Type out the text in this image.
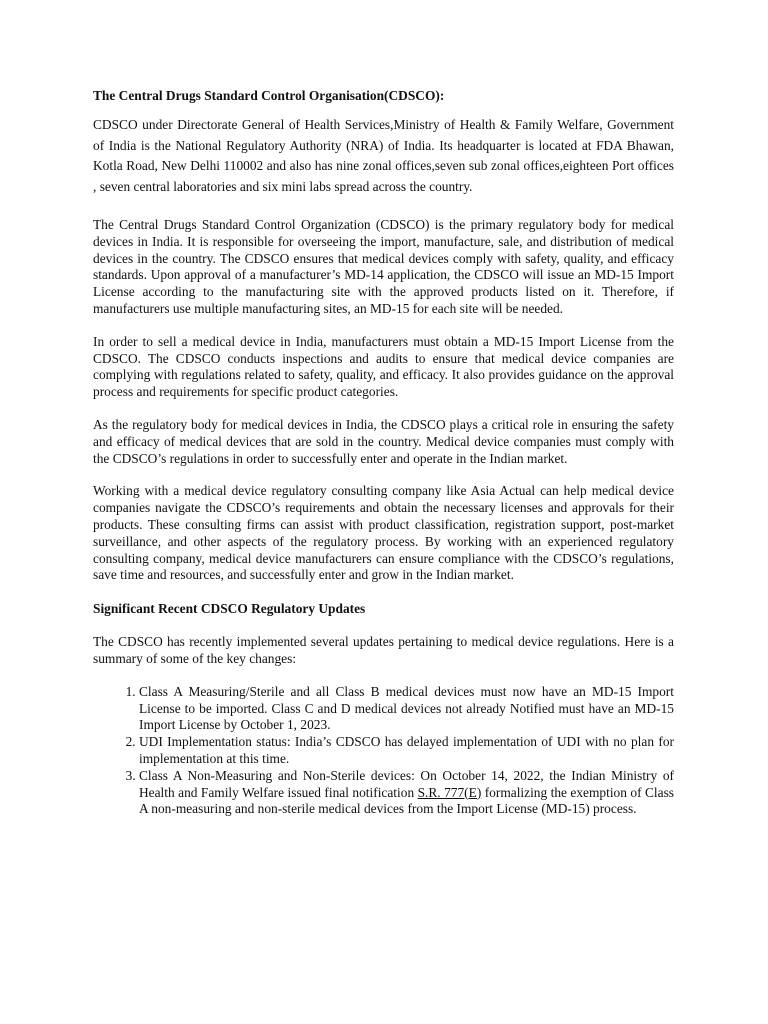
The Central Drugs Standard Control Organisation(CDSCO):

CDSCO under Directorate General of Health Services,Ministry of Health & Family Welfare, Government of India is the National Regulatory Authority (NRA) of India. Its headquarter is located at FDA Bhawan, Kotla Road, New Delhi 110002 and also has nine zonal offices,seven sub zonal offices,eighteen Port offices , seven central laboratories and six mini labs spread across the country.

The Central Drugs Standard Control Organization (CDSCO) is the primary regulatory body for medical devices in India. It is responsible for overseeing the import, manufacture, sale, and distribution of medical devices in the country. The CDSCO ensures that medical devices comply with safety, quality, and efficacy standards. Upon approval of a manufacturer’s MD-14 application, the CDSCO will issue an MD-15 Import License according to the manufacturing site with the approved products listed on it. Therefore, if manufacturers use multiple manufacturing sites, an MD-15 for each site will be needed.

In order to sell a medical device in India, manufacturers must obtain a MD-15 Import License from the CDSCO. The CDSCO conducts inspections and audits to ensure that medical device companies are complying with regulations related to safety, quality, and efficacy. It also provides guidance on the approval process and requirements for specific product categories.

As the regulatory body for medical devices in India, the CDSCO plays a critical role in ensuring the safety and efficacy of medical devices that are sold in the country. Medical device companies must comply with the CDSCO’s regulations in order to successfully enter and operate in the Indian market.

Working with a medical device regulatory consulting company like Asia Actual can help medical device companies navigate the CDSCO’s requirements and obtain the necessary licenses and approvals for their products. These consulting firms can assist with product classification, registration support, post-market surveillance, and other aspects of the regulatory process. By working with an experienced regulatory consulting company, medical device manufacturers can ensure compliance with the CDSCO’s regulations, save time and resources, and successfully enter and grow in the Indian market.

Significant Recent CDSCO Regulatory Updates

The CDSCO has recently implemented several updates pertaining to medical device regulations. Here is a summary of some of the key changes:

1. Class A Measuring/Sterile and all Class B medical devices must now have an MD-15 Import License to be imported. Class C and D medical devices not already Notified must have an MD-15 Import License by October 1, 2023.
2. UDI Implementation status: India’s CDSCO has delayed implementation of UDI with no plan for implementation at this time.
3. Class A Non-Measuring and Non-Sterile devices: On October 14, 2022, the Indian Ministry of Health and Family Welfare issued final notification S.R. 777(E) formalizing the exemption of Class A non-measuring and non-sterile medical devices from the Import License (MD-15) process.
